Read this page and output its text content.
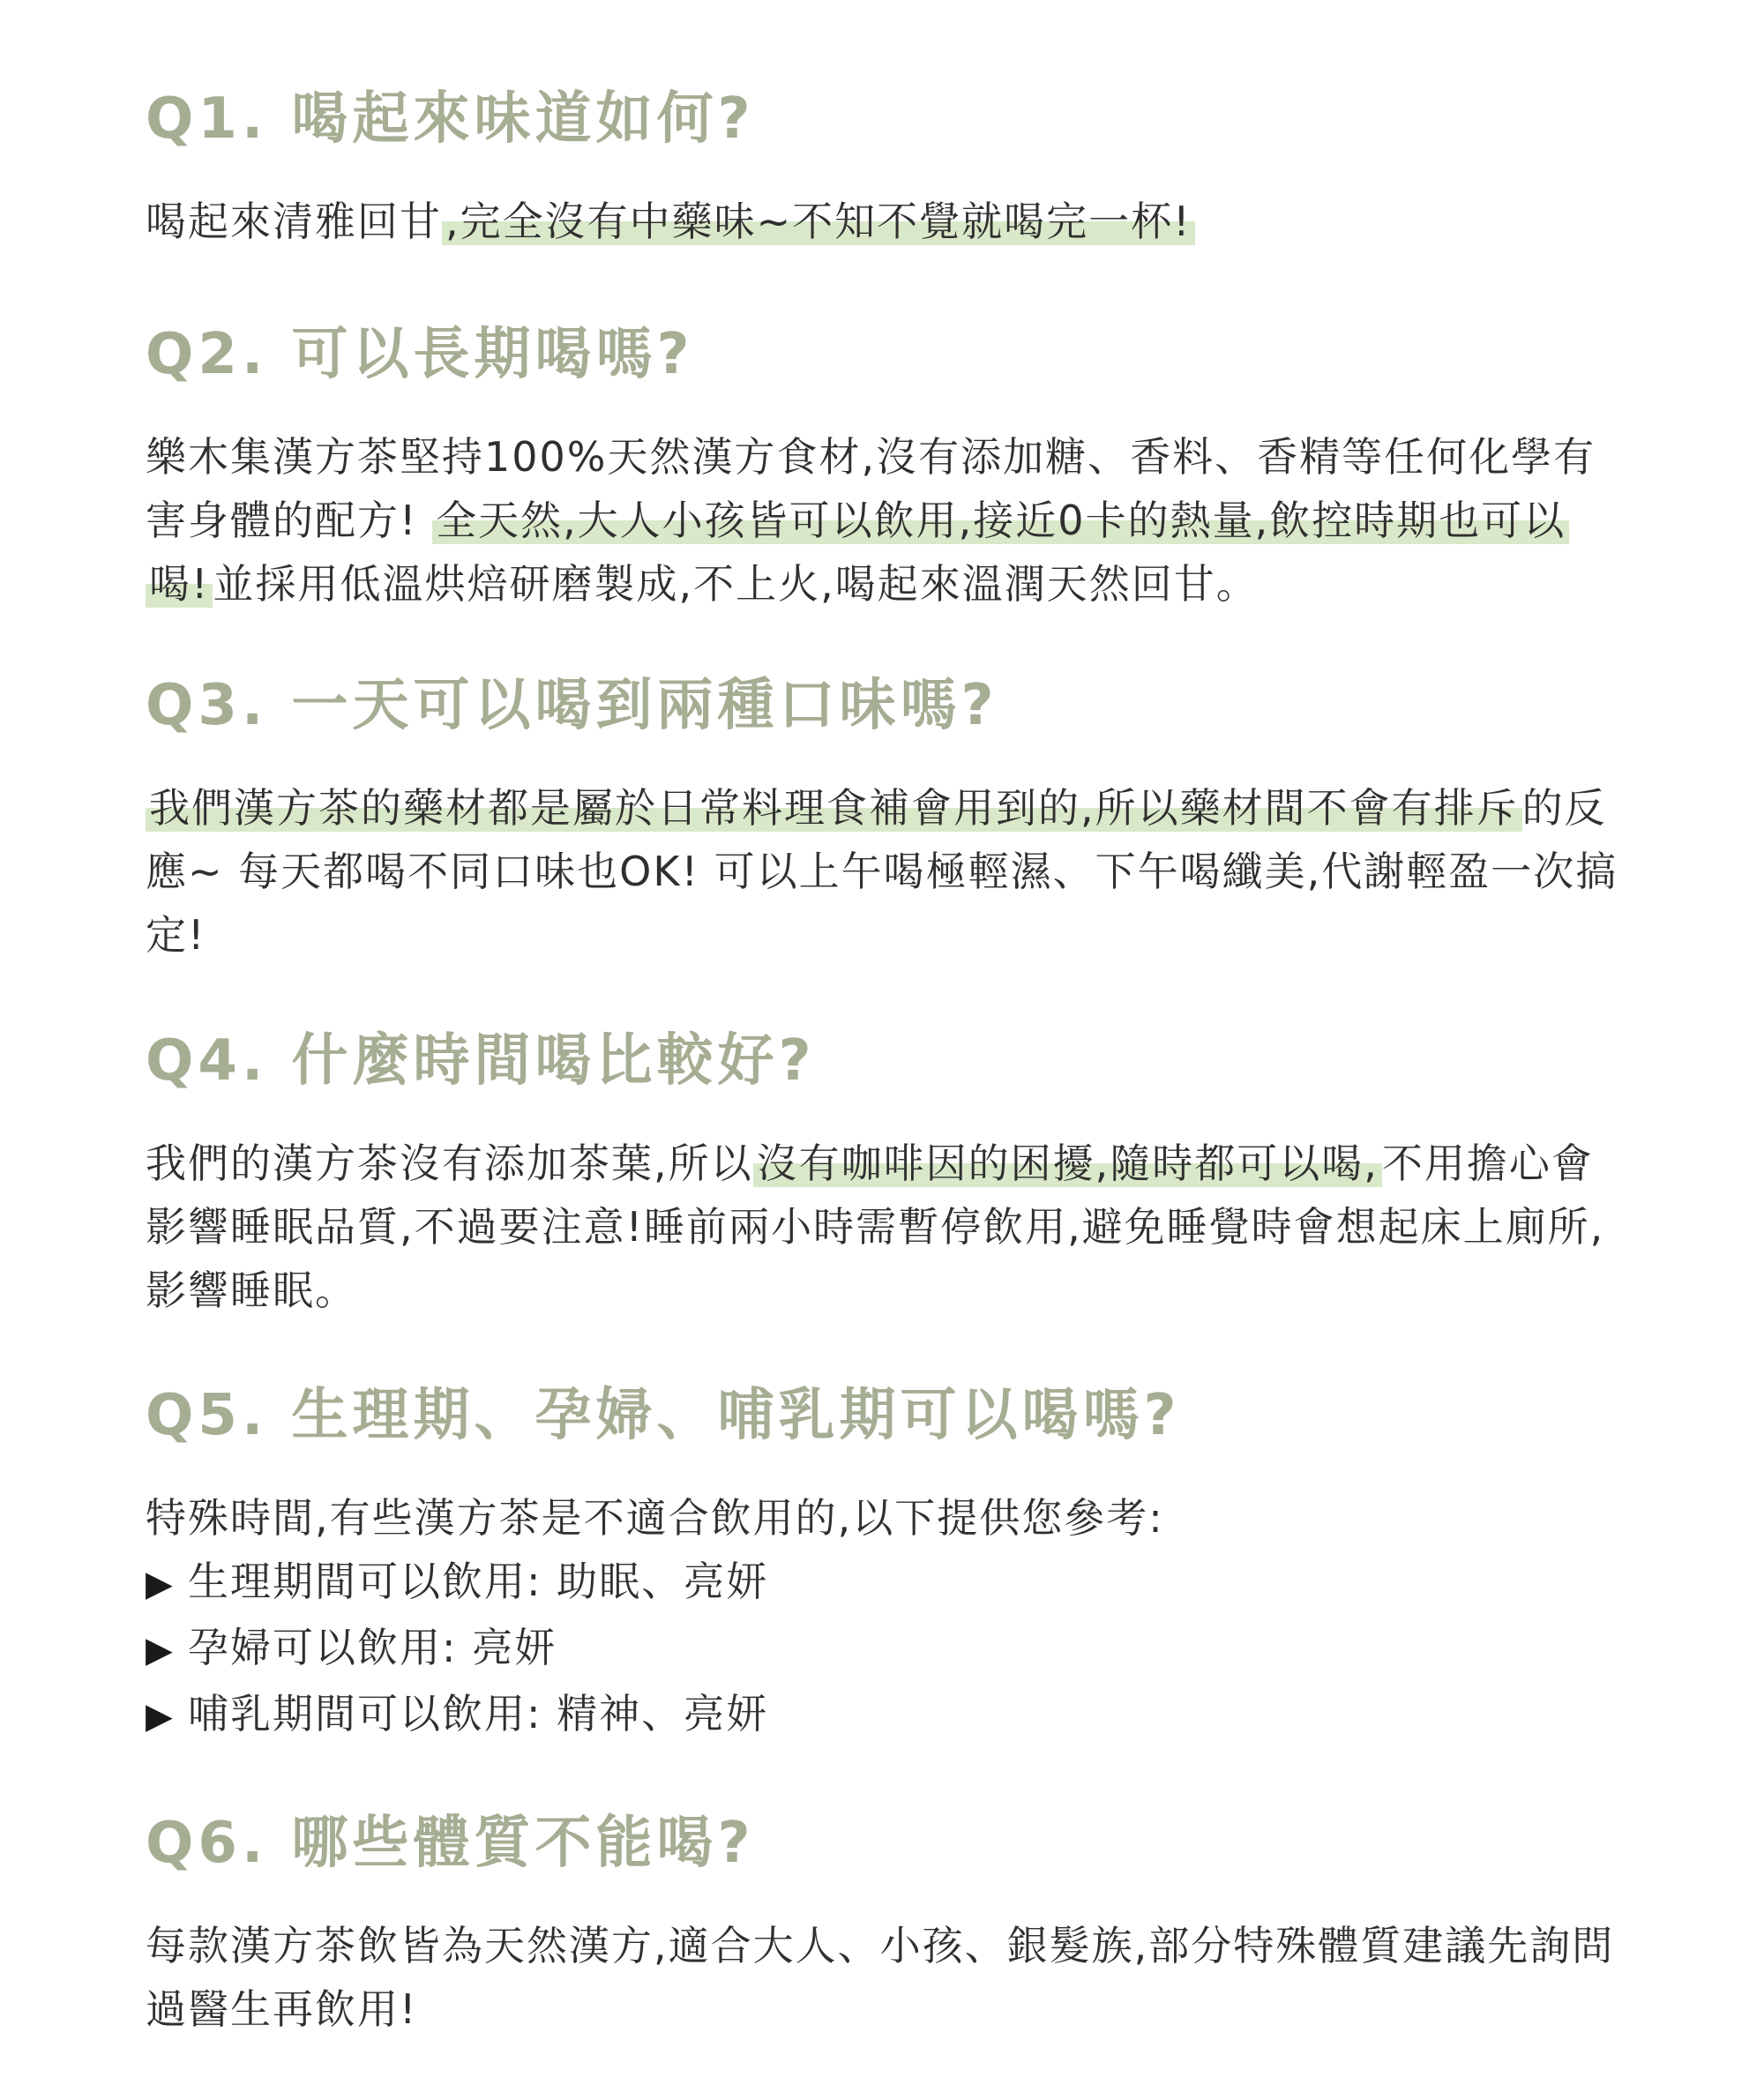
Q1. 喝起來味道如何?

喝起來清雅回甘,完全沒有中藥味~不知不覺就喝完一杯!

Q2. 可以長期喝嗎?

樂木集漢方茶堅持100%天然漢方食材,沒有添加糖、香料、香精等任何化學有害身體的配方! 全天然,大人小孩皆可以飲用,接近0卡的熱量,飲控時期也可以喝!並採用低溫烘焙研磨製成,不上火,喝起來溫潤天然回甘。

Q3. 一天可以喝到兩種口味嗎?

我們漢方茶的藥材都是屬於日常料理食補會用到的,所以藥材間不會有排斥的反應~ 每天都喝不同口味也OK! 可以上午喝極輕濕、下午喝纖美,代謝輕盈一次搞定!

Q4. 什麼時間喝比較好?

我們的漢方茶沒有添加茶葉,所以沒有咖啡因的困擾,隨時都可以喝,不用擔心會影響睡眠品質,不過要注意!睡前兩小時需暫停飲用,避免睡覺時會想起床上廁所,影響睡眠。

Q5. 生理期、孕婦、哺乳期可以喝嗎?

特殊時間,有些漢方茶是不適合飲用的,以下提供您參考:

▶ 生理期間可以飲用: 助眠、亮妍
▶ 孕婦可以飲用: 亮妍
▶ 哺乳期間可以飲用: 精神、亮妍
Q6. 哪些體質不能喝?

每款漢方茶飲皆為天然漢方,適合大人、小孩、銀髮族,部分特殊體質建議先詢問過醫生再飲用!
